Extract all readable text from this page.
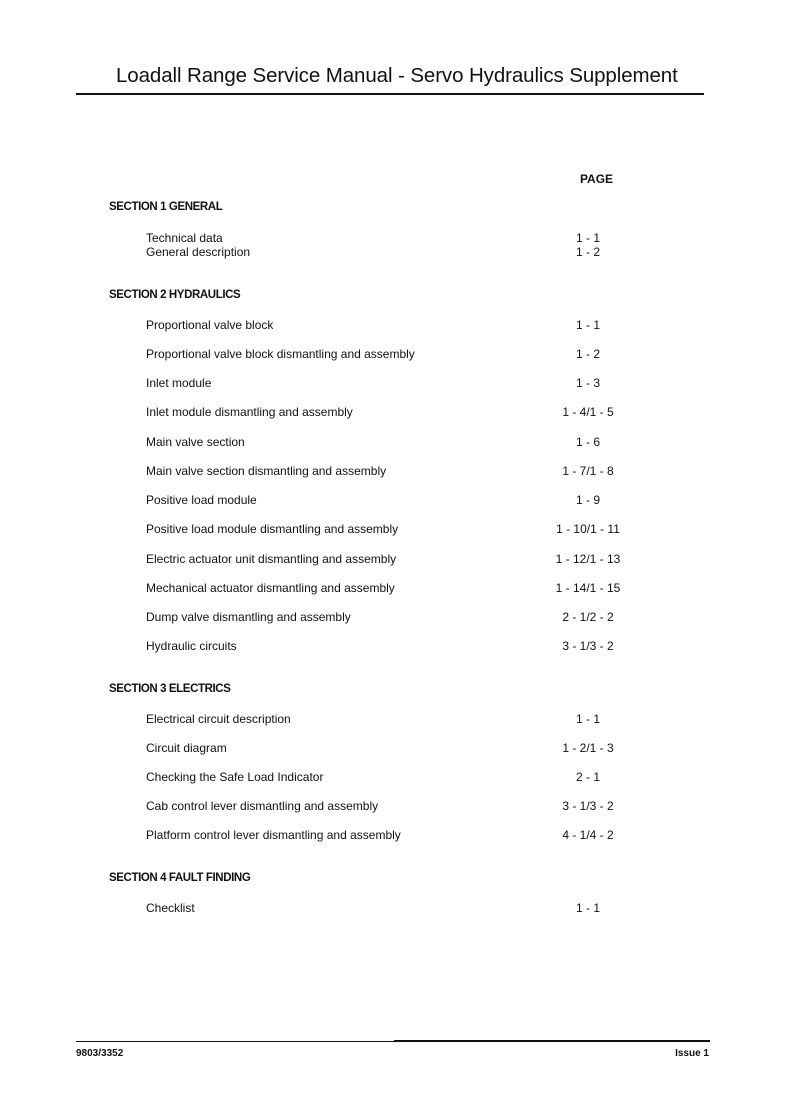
Loadall Range Service Manual - Servo Hydraulics Supplement
PAGE
SECTION 1 GENERAL
Technical data	1 - 1
General description	1 - 2
SECTION 2 HYDRAULICS
Proportional valve block	1 - 1
Proportional valve block dismantling and assembly	1 - 2
Inlet module	1 - 3
Inlet module dismantling and assembly	1 - 4/1 - 5
Main valve section	1 - 6
Main valve section dismantling and assembly	1 - 7/1 - 8
Positive load module	1 - 9
Positive load module dismantling and assembly	1 - 10/1 - 11
Electric actuator unit dismantling and assembly	1 - 12/1 - 13
Mechanical actuator dismantling and assembly	1 - 14/1 - 15
Dump valve dismantling and assembly	2 - 1/2 - 2
Hydraulic circuits	3 - 1/3 - 2
SECTION 3 ELECTRICS
Electrical circuit description	1 - 1
Circuit diagram	1 - 2/1 - 3
Checking the Safe Load Indicator	2 - 1
Cab control lever dismantling and assembly	3 - 1/3 - 2
Platform control lever dismantling and assembly	4 - 1/4 - 2
SECTION 4 FAULT FINDING
Checklist	1 - 1
9803/3352	Issue 1
